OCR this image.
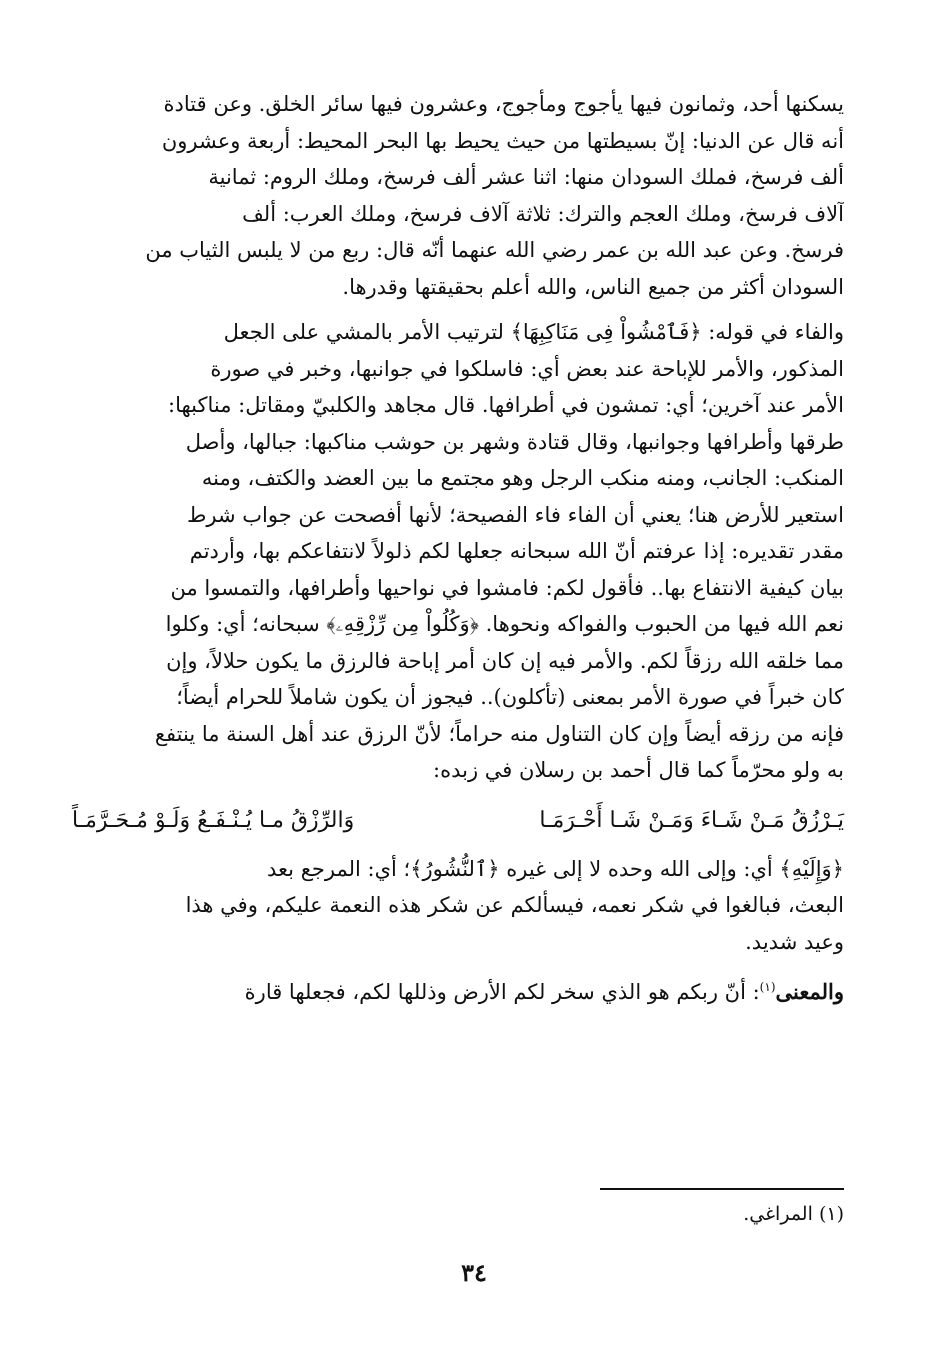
يسكنها أحد، وثمانون فيها يأجوج ومأجوج، وعشرون فيها سائر الخلق. وعن قتادة
أنه قال عن الدنيا: إنّ بسيطتها من حيث يحيط بها البحر المحيط: أربعة وعشرون
ألف فرسخ، فملك السودان منها: اثنا عشر ألف فرسخ، وملك الروم: ثمانية
آلاف فرسخ، وملك العجم والترك: ثلاثة آلاف فرسخ، وملك العرب: ألف
فرسخ. وعن عبد الله بن عمر رضي الله عنهما أنّه قال: ربع من لا يلبس الثياب من
السودان أكثر من جميع الناس، والله أعلم بحقيقتها وقدرها.
والفاء في قوله: ﴿فَٱمْشُواْ فِى مَنَاكِبِهَا﴾ لترتيب الأمر بالمشي على الجعل
المذكور، والأمر للإباحة عند بعض أي: فاسلكوا في جوانبها، وخبر في صورة
الأمر عند آخرين؛ أي: تمشون في أطرافها. قال مجاهد والكلبيّ ومقاتل: مناكبها:
طرقها وأطرافها وجوانبها، وقال قتادة وشهر بن حوشب مناكبها: جبالها، وأصل
المنكب: الجانب، ومنه منكب الرجل وهو مجتمع ما بين العضد والكتف، ومنه
استعير للأرض هنا؛ يعني أن الفاء فاء الفصيحة؛ لأنها أفصحت عن جواب شرط
مقدر تقديره: إذا عرفتم أنّ الله سبحانه جعلها لكم ذلولاً لانتفاعكم بها، وأردتم
بيان كيفية الانتفاع بها.. فأقول لكم: فامشوا في نواحيها وأطرافها، والتمسوا من
نعم الله فيها من الحبوب والفواكه ونحوها. ﴿وَكُلُواْ مِن رِّزْقِهِۦ﴾ سبحانه؛ أي: وكلوا
مما خلقه الله رزقاً لكم. والأمر فيه إن كان أمر إباحة فالرزق ما يكون حلالاً، وإن
كان خبراً في صورة الأمر بمعنى (تأكلون).. فيجوز أن يكون شاملاً للحرام أيضاً؛
فإنه من رزقه أيضاً وإن كان التناول منه حراماً؛ لأنّ الرزق عند أهل السنة ما ينتفع
به ولو محرّماً كما قال أحمد بن رسلان في زبده:
يَـرْزُقُ مَـنْ شَـاءَ وَمَـنْ شَـا أَحْـرَمَـا
وَالرِّزْقُ مـا يُـنْـفَـعُ وَلَـوْ مُـحَـرَّمَـاً
﴿وَإِلَيْهِ﴾ أي: وإلى الله وحده لا إلى غيره ﴿ٱلنُّشُورُ﴾؛ أي: المرجع بعد
البعث، فبالغوا في شكر نعمه، فيسألكم عن شكر هذه النعمة عليكم، وفي هذا
وعيد شديد.
والمعنى$^{(١)}$: أنّ ربكم هو الذي سخر لكم الأرض وذللها لكم، فجعلها قارة
(١) المراغي.
٣٤
